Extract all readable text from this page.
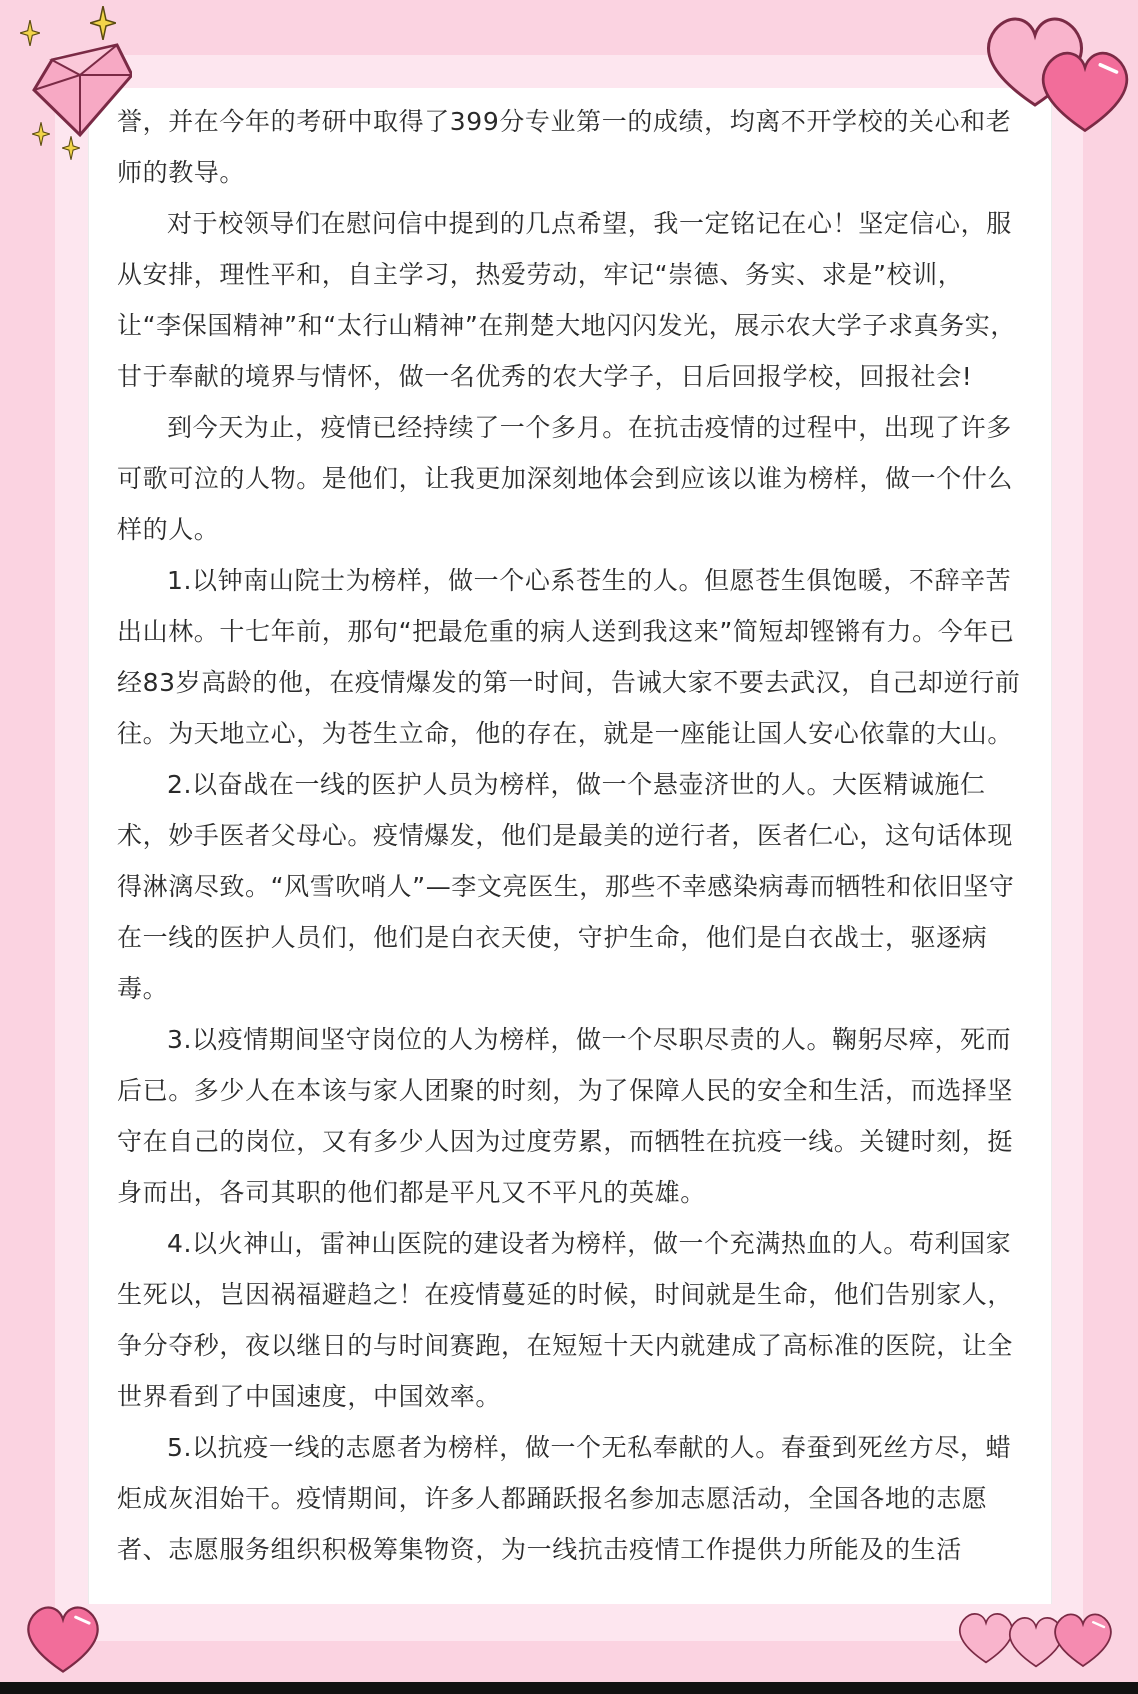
誉，并在今年的考研中取得了399分专业第一的成绩，均离不开学校的关心和老师的教导。

对于校领导们在慰问信中提到的几点希望，我一定铭记在心！坚定信心，服从安排，理性平和，自主学习，热爱劳动，牢记“崇德、务实、求是”校训，让“李保国精神”和“太行山精神”在荆楚大地闪闪发光，展示农大学子求真务实，甘于奉献的境界与情怀，做一名优秀的农大学子，日后回报学校，回报社会!

到今天为止，疫情已经持续了一个多月。在抗击疫情的过程中，出现了许多可歌可泣的人物。是他们，让我更加深刻地体会到应该以谁为榜样，做一个什么样的人。

1.以钟南山院士为榜样，做一个心系苍生的人。但愿苍生俱饱暖，不辞辛苦出山林。十七年前，那句“把最危重的病人送到我这来”简短却铿锵有力。今年已经83岁高龄的他，在疫情爆发的第一时间，告诫大家不要去武汉，自己却逆行前往。为天地立心，为苍生立命，他的存在，就是一座能让国人安心依靠的大山。

2.以奋战在一线的医护人员为榜样，做一个悬壶济世的人。大医精诚施仁术，妙手医者父母心。疫情爆发，他们是最美的逆行者，医者仁心，这句话体现得淋漓尽致。“风雪吹哨人”—李文亮医生，那些不幸感染病毒而牺牲和依旧坚守在一线的医护人员们，他们是白衣天使，守护生命，他们是白衣战士，驱逐病毒。

3.以疫情期间坚守岗位的人为榜样，做一个尽职尽责的人。鞠躬尽瘁，死而后已。多少人在本该与家人团聚的时刻，为了保障人民的安全和生活，而选择坚守在自己的岗位，又有多少人因为过度劳累，而牺牲在抗疫一线。关键时刻，挺身而出，各司其职的他们都是平凡又不平凡的英雄。

4.以火神山，雷神山医院的建设者为榜样，做一个充满热血的人。苟利国家生死以，岂因祸福避趋之！在疫情蔓延的时候，时间就是生命，他们告别家人，争分夺秒，夜以继日的与时间赛跑，在短短十天内就建成了高标准的医院，让全世界看到了中国速度，中国效率。

5.以抗疫一线的志愿者为榜样，做一个无私奉献的人。春蚕到死丝方尽，蜡炬成灰泪始干。疫情期间，许多人都踊跃报名参加志愿活动，全国各地的志愿者、志愿服务组织积极筹集物资，为一线抗击疫情工作提供力所能及的生活
